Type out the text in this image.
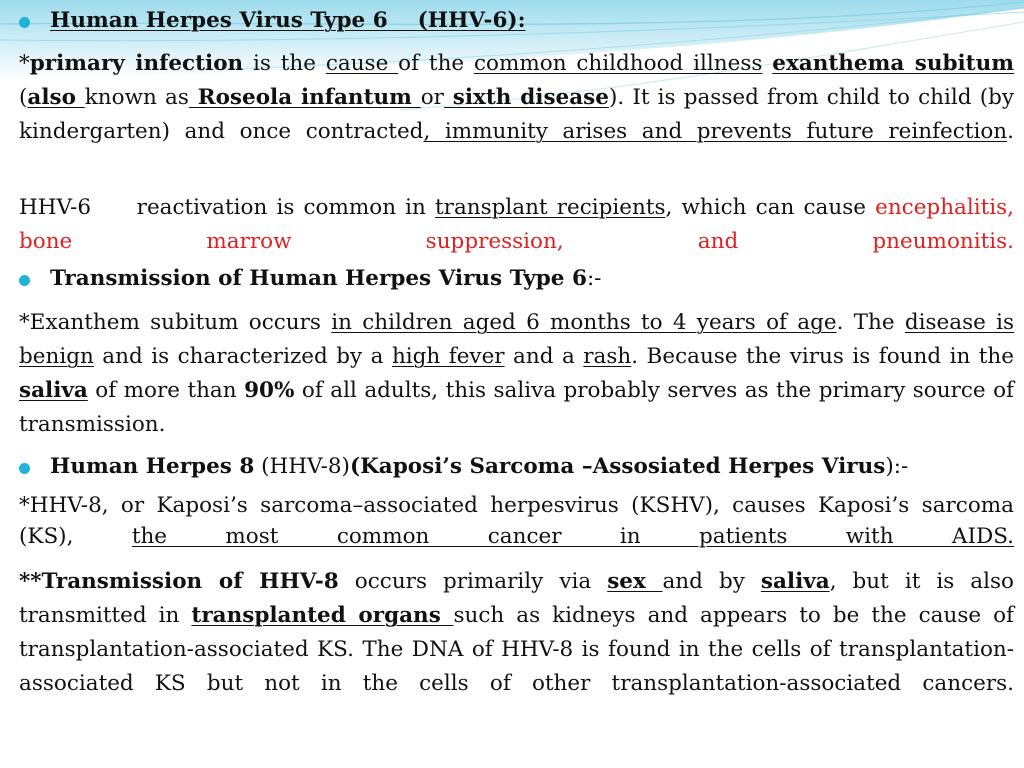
Human Herpes Virus Type 6 (HHV-6):

*primary infection is the cause of the common childhood illness exanthema subitum (also known as Roseola infantum or sixth disease). It is passed from child to child (by kindergarten) and once contracted, immunity arises and prevents future reinfection.

HHV-6     reactivation is common in transplant recipients, which can cause encephalitis, bone marrow suppression, and pneumonitis.

Transmission of Human Herpes Virus Type 6:-

*Exanthem subitum occurs in children aged 6 months to 4 years of age. The disease is benign and is characterized by a high fever and a rash. Because the virus is found in the saliva of more than 90% of all adults, this saliva probably serves as the primary source of transmission.

Human Herpes 8 (HHV-8)(Kaposi’s Sarcoma –Assosiated Herpes Virus):-

*HHV-8, or Kaposi’s sarcoma–associated herpesvirus (KSHV), causes Kaposi’s sarcoma (KS), the most common cancer in patients with AIDS.

**Transmission of HHV-8 occurs primarily via sex and by saliva, but it is also transmitted in transplanted organs such as kidneys and appears to be the cause of transplantation-associated KS. The DNA of HHV-8 is found in the cells of transplantation-associated KS but not in the cells of other transplantation-associated cancers.
